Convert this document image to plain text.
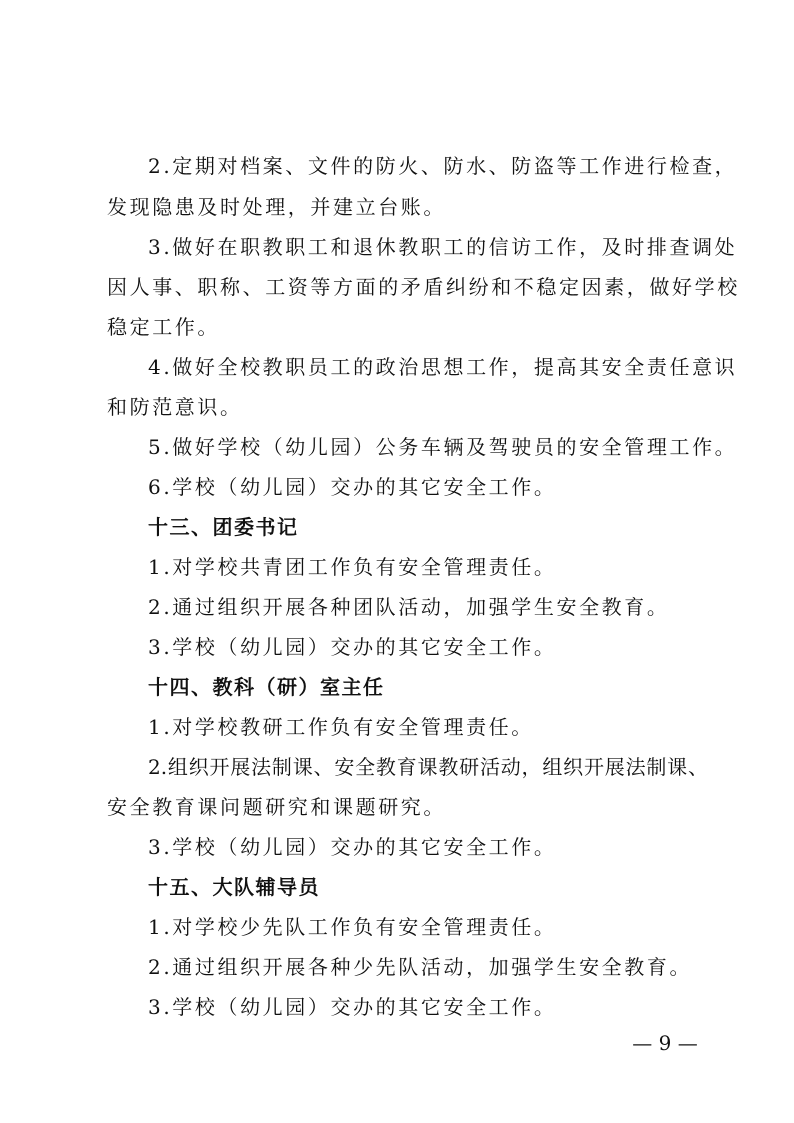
2.定期对档案、文件的防火、防水、防盗等工作进行检查，
发现隐患及时处理，并建立台账。
3.做好在职教职工和退休教职工的信访工作，及时排查调处
因人事、职称、工资等方面的矛盾纠纷和不稳定因素，做好学校
稳定工作。
4.做好全校教职员工的政治思想工作，提高其安全责任意识
和防范意识。
5.做好学校（幼儿园）公务车辆及驾驶员的安全管理工作。
6.学校（幼儿园）交办的其它安全工作。
十三、团委书记
1.对学校共青团工作负有安全管理责任。
2.通过组织开展各种团队活动，加强学生安全教育。
3.学校（幼儿园）交办的其它安全工作。
十四、教科（研）室主任
1.对学校教研工作负有安全管理责任。
2.组织开展法制课、安全教育课教研活动，组织开展法制课、
安全教育课问题研究和课题研究。
3.学校（幼儿园）交办的其它安全工作。
十五、大队辅导员
1.对学校少先队工作负有安全管理责任。
2.通过组织开展各种少先队活动，加强学生安全教育。
3.学校（幼儿园）交办的其它安全工作。
— 9 —
